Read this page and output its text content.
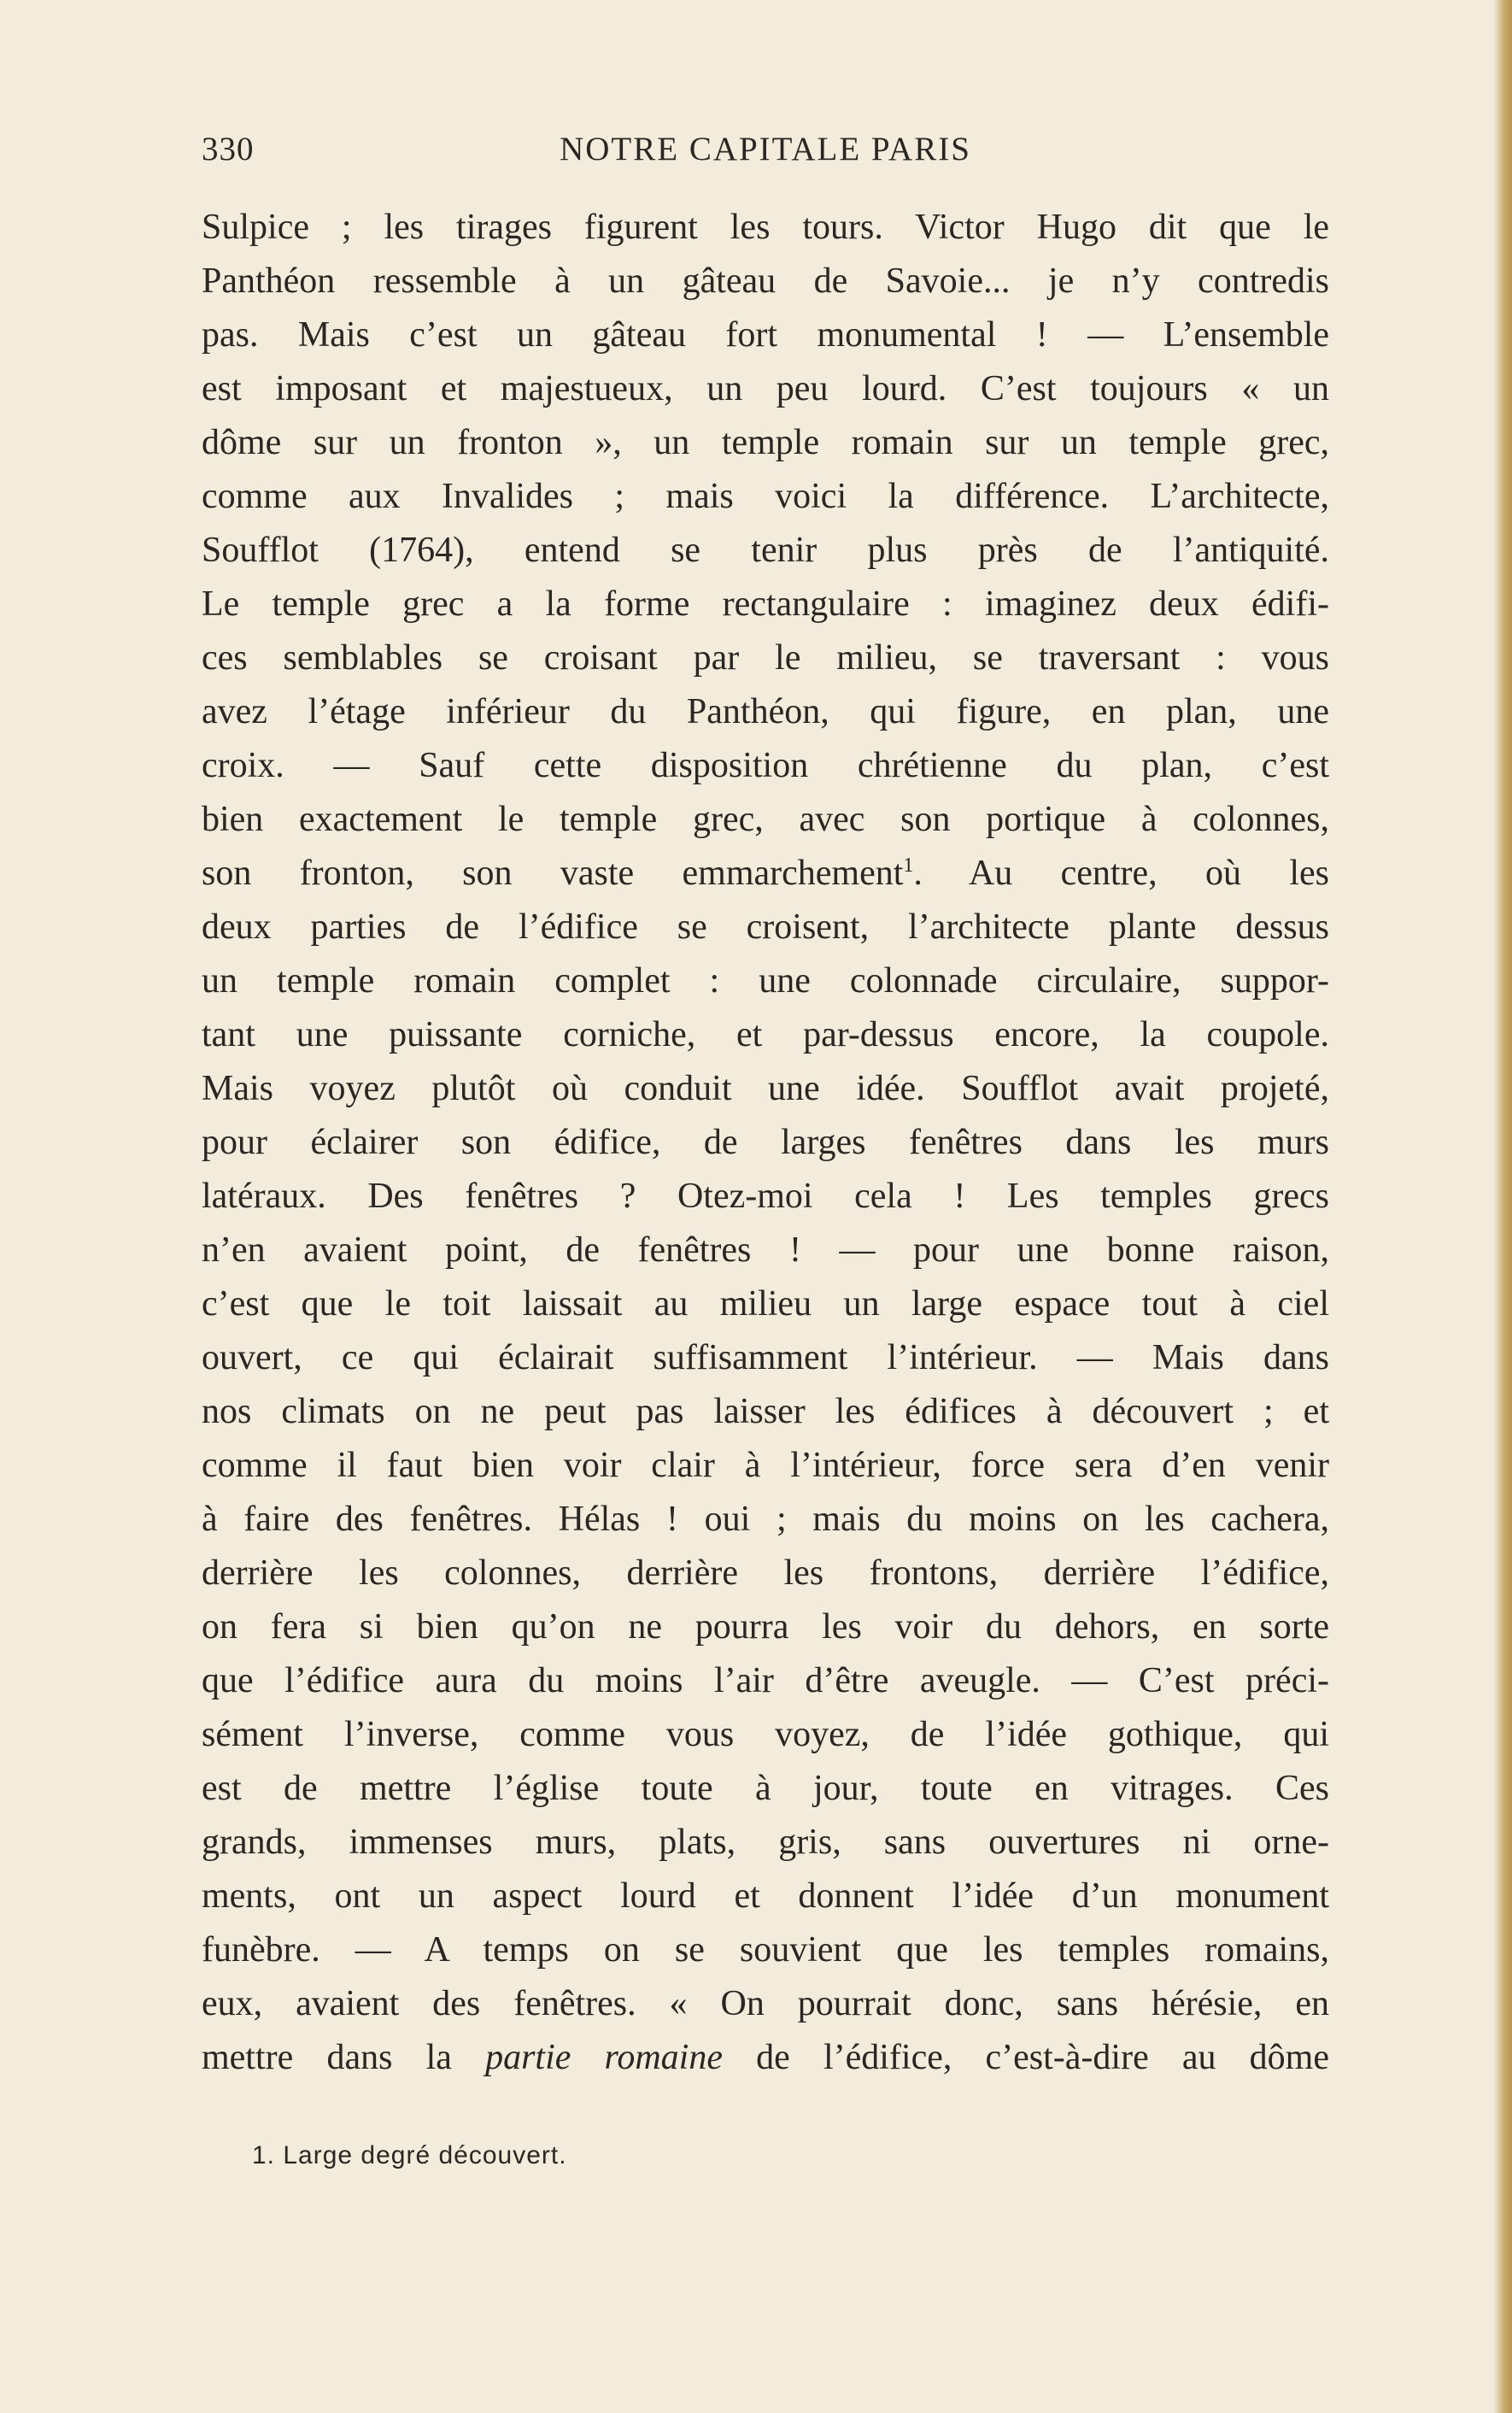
330	NOTRE CAPITALE PARIS
Sulpice ; les tirages figurent les tours. Victor Hugo dit que le
Panthéon ressemble à un gâteau de Savoie... je n’y contredis
pas. Mais c’est un gâteau fort monumental ! — L’ensemble
est imposant et majestueux, un peu lourd. C’est toujours « un
dôme sur un fronton », un temple romain sur un temple grec,
comme aux Invalides ; mais voici la différence. L’architecte,
Soufflot (1764), entend se tenir plus près de l’antiquité.
Le temple grec a la forme rectangulaire : imaginez deux édifi-
ces semblables se croisant par le milieu, se traversant : vous
avez l’étage inférieur du Panthéon, qui figure, en plan, une
croix. — Sauf cette disposition chrétienne du plan, c’est
bien exactement le temple grec, avec son portique à colonnes,
son fronton, son vaste emmarchement$^1$. Au centre, où les
deux parties de l’édifice se croisent, l’architecte plante dessus
un temple romain complet : une colonnade circulaire, suppor-
tant une puissante corniche, et par-dessus encore, la coupole.
Mais voyez plutôt où conduit une idée. Soufflot avait projeté,
pour éclairer son édifice, de larges fenêtres dans les murs
latéraux. Des fenêtres ? Otez-moi cela ! Les temples grecs
n’en avaient point, de fenêtres ! — pour une bonne raison,
c’est que le toit laissait au milieu un large espace tout à ciel
ouvert, ce qui éclairait suffisamment l’intérieur. — Mais dans
nos climats on ne peut pas laisser les édifices à découvert ; et
comme il faut bien voir clair à l’intérieur, force sera d’en venir
à faire des fenêtres. Hélas ! oui ; mais du moins on les cachera,
derrière les colonnes, derrière les frontons, derrière l’édifice,
on fera si bien qu’on ne pourra les voir du dehors, en sorte
que l’édifice aura du moins l’air d’être aveugle. — C’est préci-
sément l’inverse, comme vous voyez, de l’idée gothique, qui
est de mettre l’église toute à jour, toute en vitrages. Ces
grands, immenses murs, plats, gris, sans ouvertures ni orne-
ments, ont un aspect lourd et donnent l’idée d’un monument
funèbre. — A temps on se souvient que les temples romains,
eux, avaient des fenêtres. « On pourrait donc, sans hérésie, en
mettre dans la partie romaine de l’édifice, c’est-à-dire au dôme
1. Large degré découvert.
